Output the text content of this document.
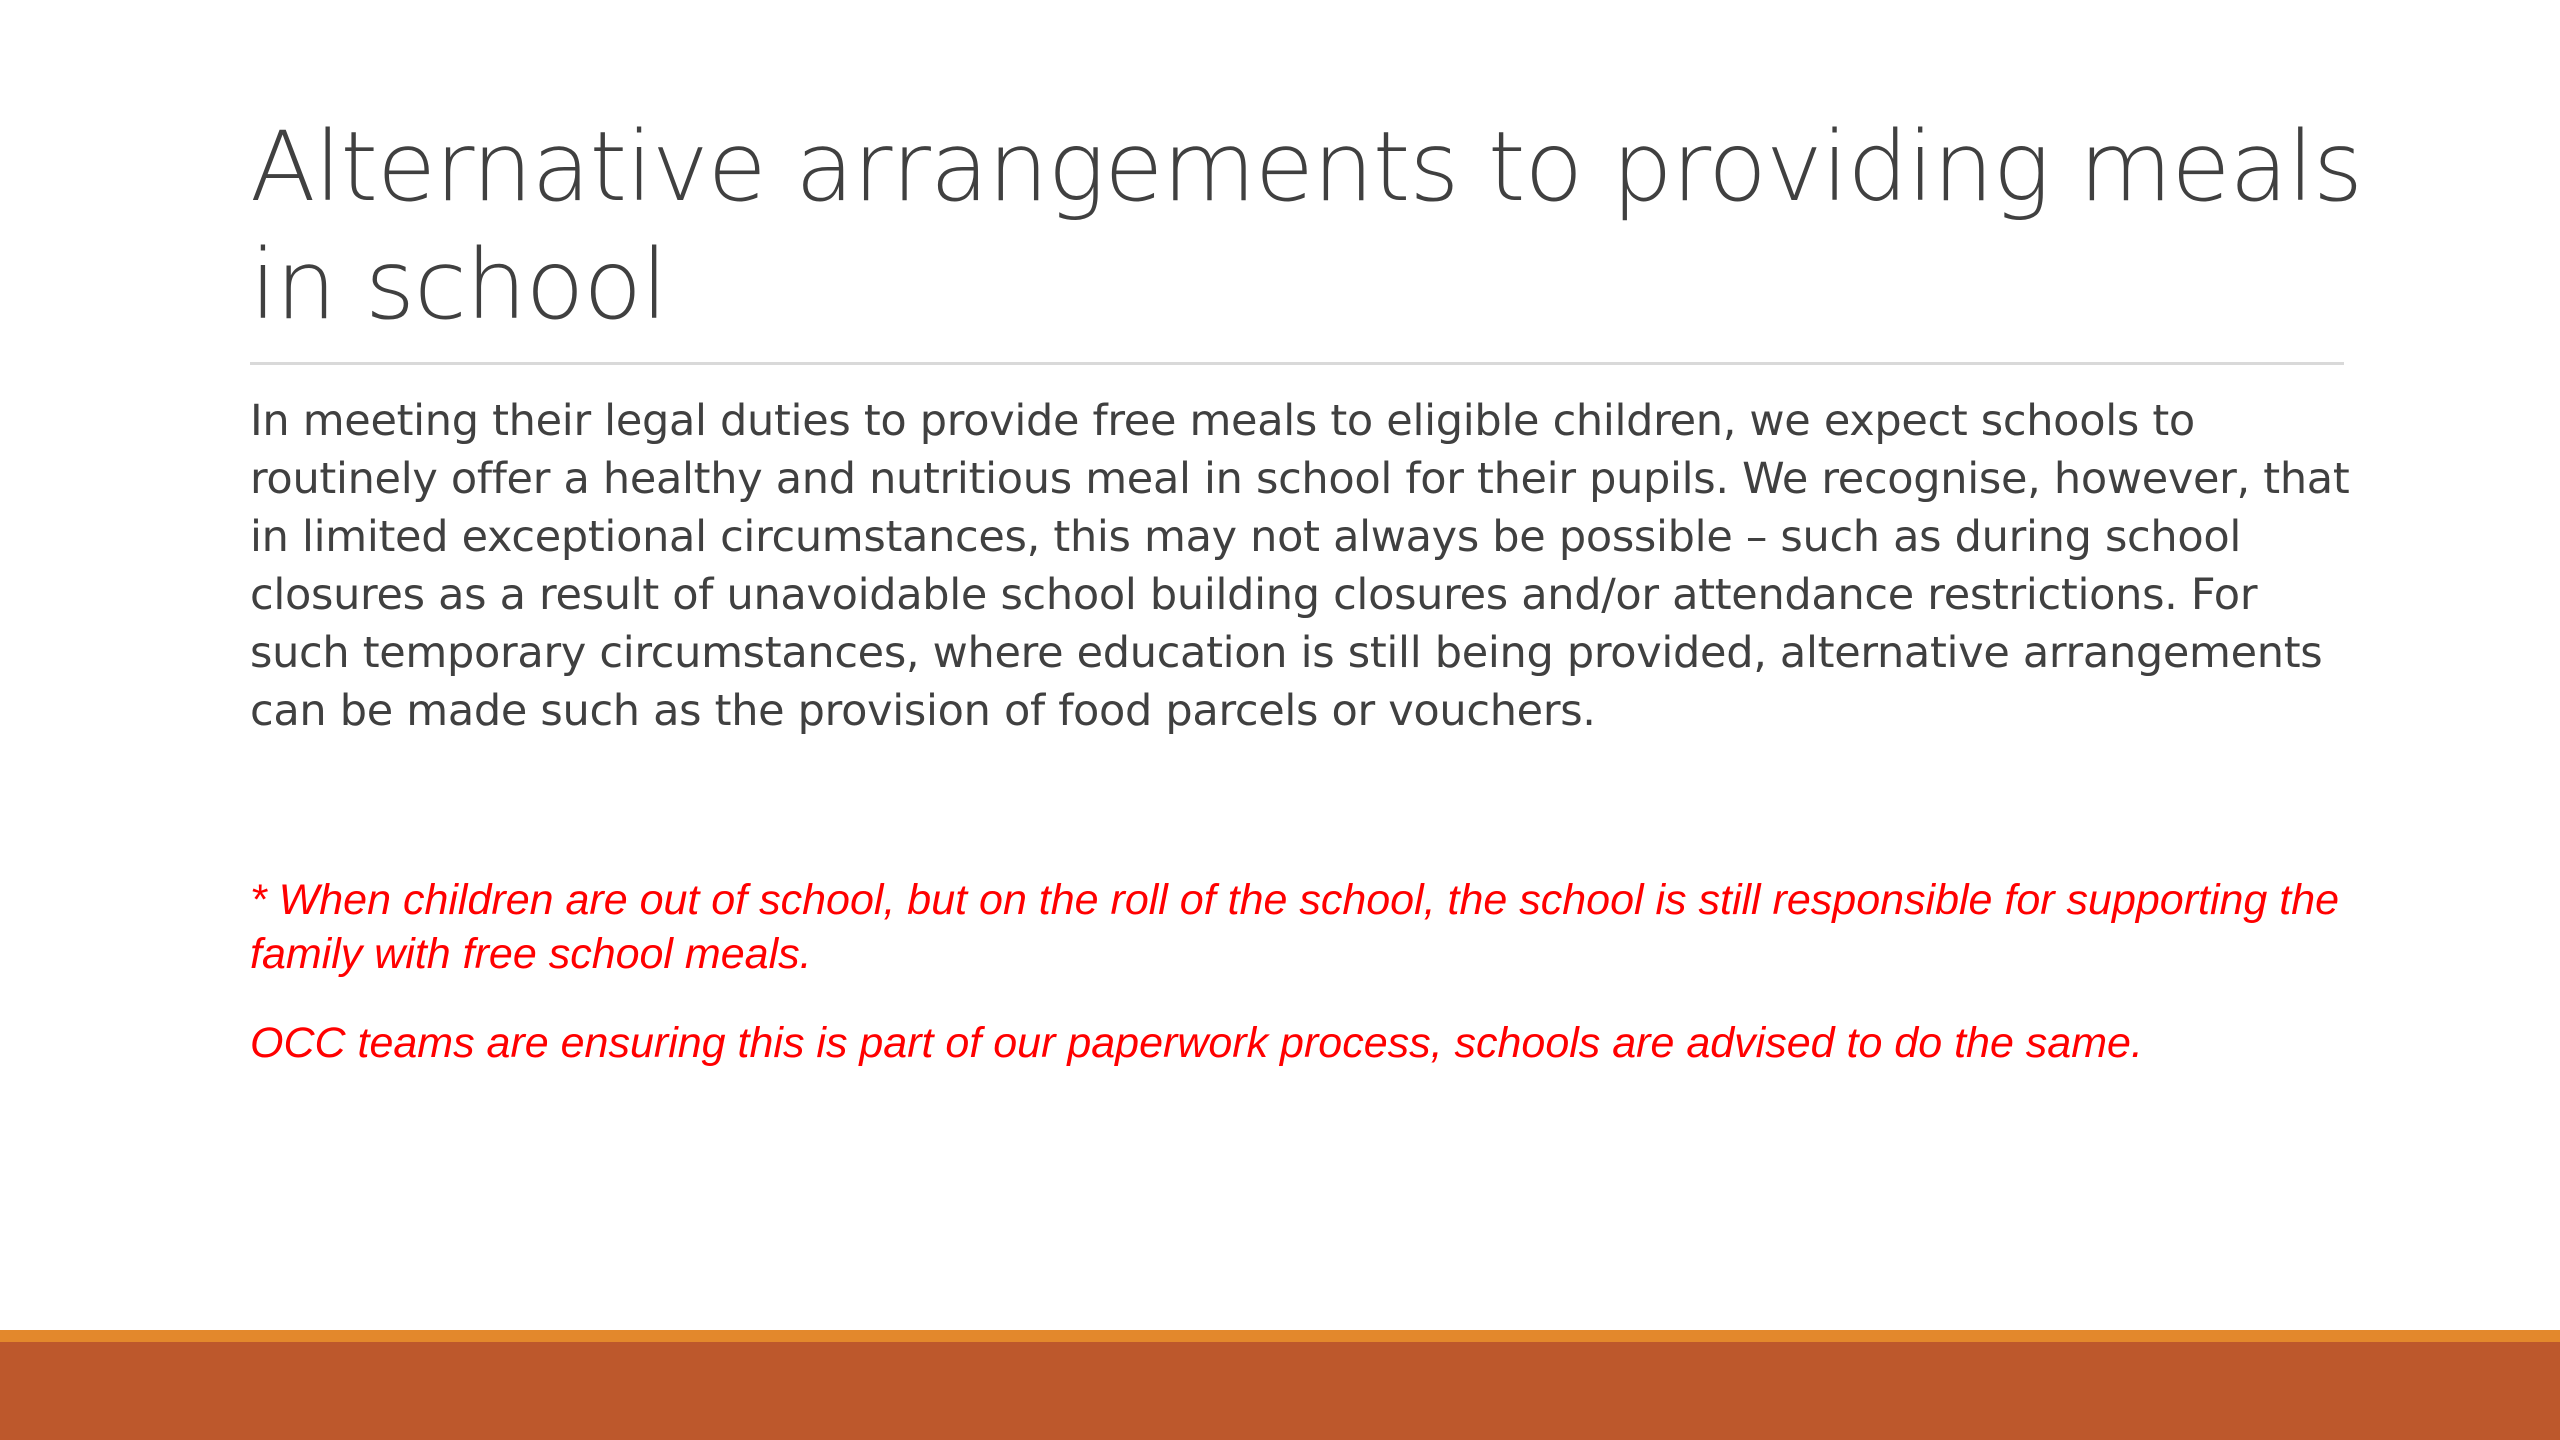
Alternative arrangements to providing meals in school

In meeting their legal duties to provide free meals to eligible children, we expect schools to routinely offer a healthy and nutritious meal in school for their pupils. We recognise, however, that in limited exceptional circumstances, this may not always be possible – such as during school closures as a result of unavoidable school building closures and/or attendance restrictions. For such temporary circumstances, where education is still being provided, alternative arrangements can be made such as the provision of food parcels or vouchers.

* When children are out of school, but on the roll of the school, the school is still responsible for supporting the family with free school meals.

OCC teams are ensuring this is part of our paperwork process, schools are advised to do the same.
